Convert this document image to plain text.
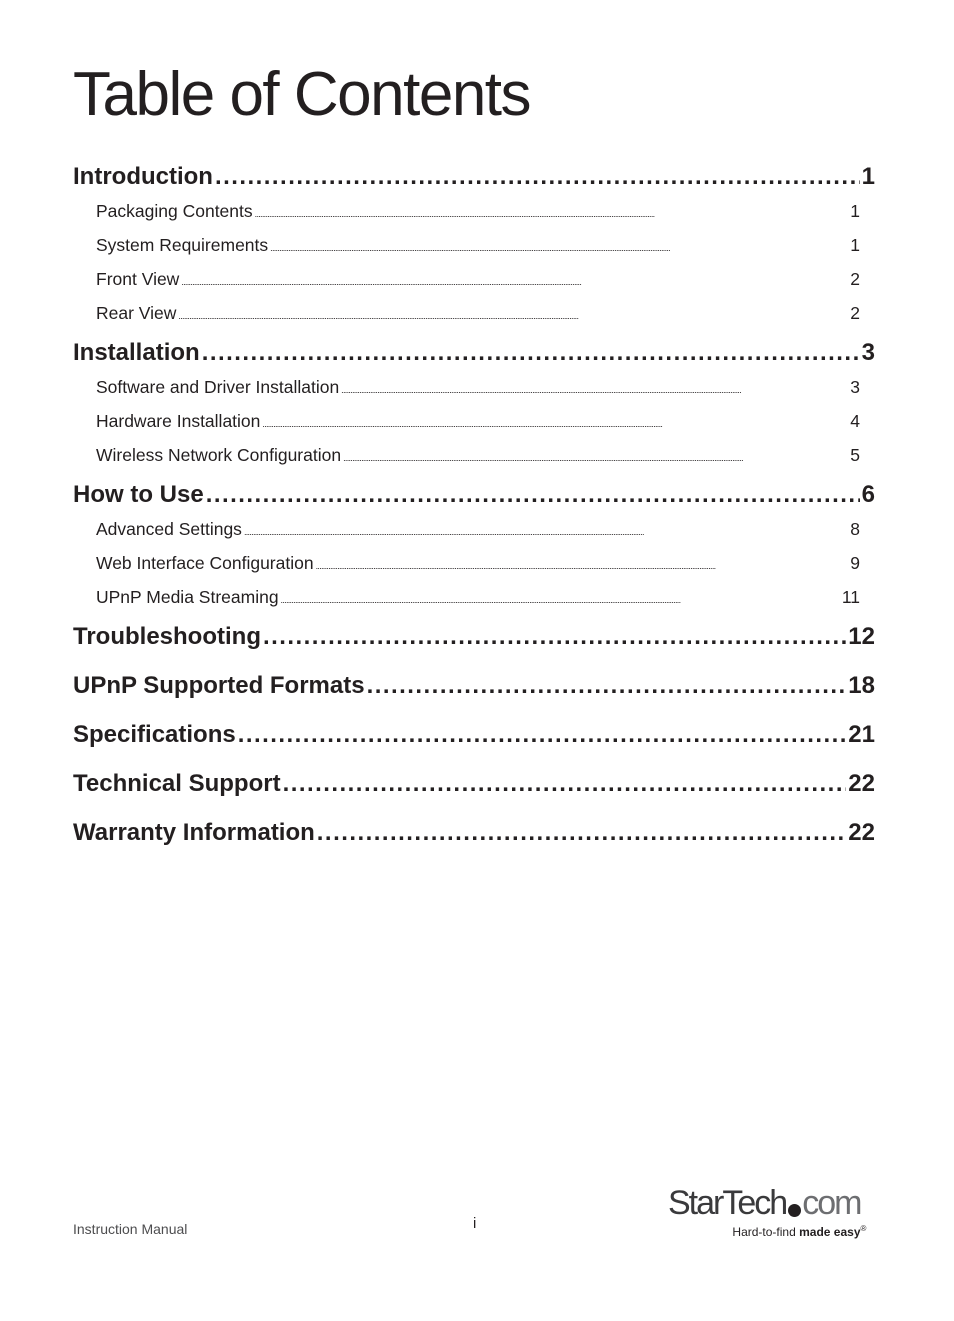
Table of Contents
Introduction . . .	1
Packaging Contents . . .	1
System Requirements . . .	1
Front View . . .	2
Rear View . . .	2
Installation . . .	3
Software and Driver Installation . . .	3
Hardware Installation . . .	4
Wireless Network Configuration . . .	5
How to Use . . .	6
Advanced Settings . . .	8
Web Interface Configuration . . .	9
UPnP Media Streaming . . .	11
Troubleshooting . . .	12
UPnP Supported Formats . . .	18
Specifications . . .	21
Technical Support . . .	22
Warranty Information . . .	22
Instruction Manual	i
StarTech com
Hard-to-find made easy®
